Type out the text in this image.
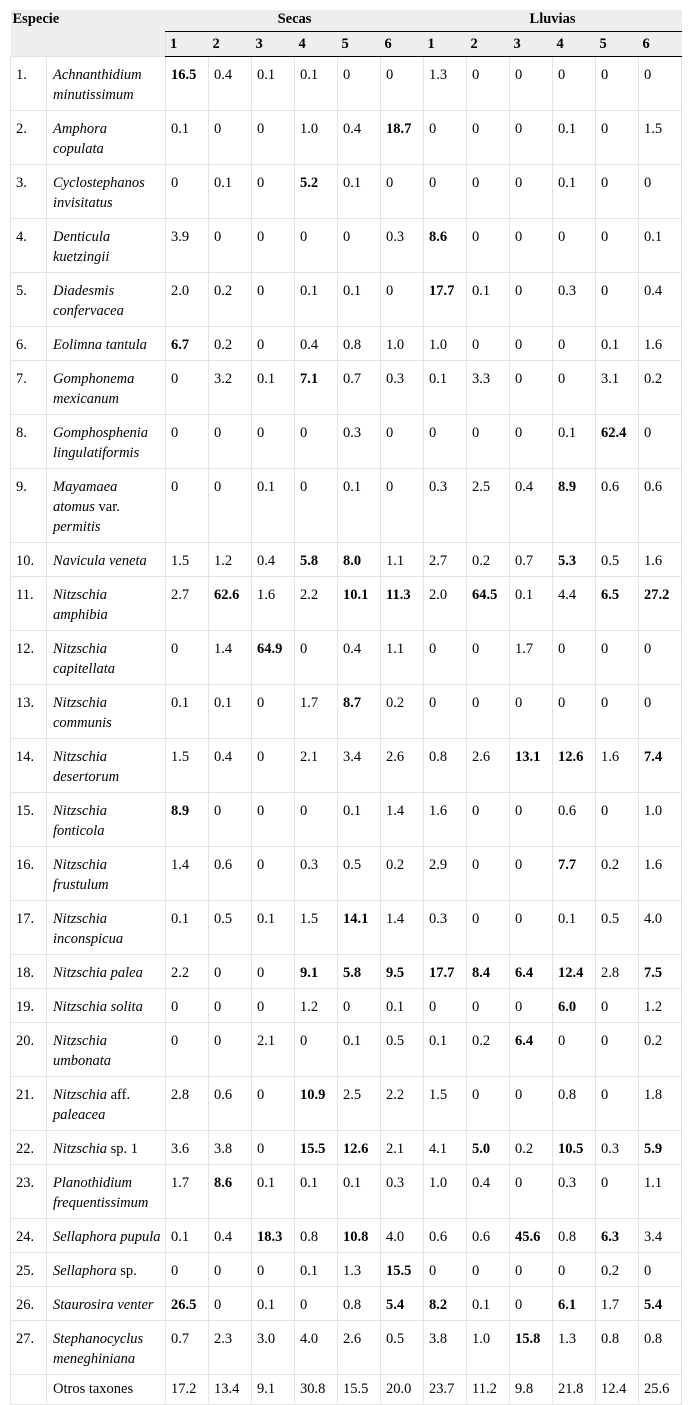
Especie		Secas						Lluvias					
		1	2	3	4	5	6	1	2	3	4	5	6
1.	Achnanthidium minutissimum	16.5	0.4	0.1	0.1	0	0	1.3	0	0	0	0	0
2.	Amphora copulata	0.1	0	0	1.0	0.4	18.7	0	0	0	0.1	0	1.5
3.	Cyclostephanos invisitatus	0	0.1	0	5.2	0.1	0	0	0	0	0.1	0	0
4.	Denticula kuetzingii	3.9	0	0	0	0	0.3	8.6	0	0	0	0	0.1
5.	Diadesmis confervacea	2.0	0.2	0	0.1	0.1	0	17.7	0.1	0	0.3	0	0.4
6.	Eolimna tantula	6.7	0.2	0	0.4	0.8	1.0	1.0	0	0	0	0.1	1.6
7.	Gomphonema mexicanum	0	3.2	0.1	7.1	0.7	0.3	0.1	3.3	0	0	3.1	0.2
8.	Gomphosphenia lingulatiformis	0	0	0	0	0.3	0	0	0	0	0.1	62.4	0
9.	Mayamaea atomus var. permitis	0	0	0.1	0	0.1	0	0.3	2.5	0.4	8.9	0.6	0.6
10.	Navicula veneta	1.5	1.2	0.4	5.8	8.0	1.1	2.7	0.2	0.7	5.3	0.5	1.6
11.	Nitzschia amphibia	2.7	62.6	1.6	2.2	10.1	11.3	2.0	64.5	0.1	4.4	6.5	27.2
12.	Nitzschia capitellata	0	1.4	64.9	0	0.4	1.1	0	0	1.7	0	0	0
13.	Nitzschia communis	0.1	0.1	0	1.7	8.7	0.2	0	0	0	0	0	0
14.	Nitzschia desertorum	1.5	0.4	0	2.1	3.4	2.6	0.8	2.6	13.1	12.6	1.6	7.4
15.	Nitzschia fonticola	8.9	0	0	0	0.1	1.4	1.6	0	0	0.6	0	1.0
16.	Nitzschia frustulum	1.4	0.6	0	0.3	0.5	0.2	2.9	0	0	7.7	0.2	1.6
17.	Nitzschia inconspicua	0.1	0.5	0.1	1.5	14.1	1.4	0.3	0	0	0.1	0.5	4.0
18.	Nitzschia palea	2.2	0	0	9.1	5.8	9.5	17.7	8.4	6.4	12.4	2.8	7.5
19.	Nitzschia solita	0	0	0	1.2	0	0.1	0	0	0	6.0	0	1.2
20.	Nitzschia umbonata	0	0	2.1	0	0.1	0.5	0.1	0.2	6.4	0	0	0.2
21.	Nitzschia aff. paleacea	2.8	0.6	0	10.9	2.5	2.2	1.5	0	0	0.8	0	1.8
22.	Nitzschia sp. 1	3.6	3.8	0	15.5	12.6	2.1	4.1	5.0	0.2	10.5	0.3	5.9
23.	Planothidium frequentissimum	1.7	8.6	0.1	0.1	0.1	0.3	1.0	0.4	0	0.3	0	1.1
24.	Sellaphora pupula	0.1	0.4	18.3	0.8	10.8	4.0	0.6	0.6	45.6	0.8	6.3	3.4
25.	Sellaphora sp.	0	0	0	0.1	1.3	15.5	0	0	0	0	0.2	0
26.	Staurosira venter	26.5	0	0.1	0	0.8	5.4	8.2	0.1	0	6.1	1.7	5.4
27.	Stephanocyclus meneghiniana	0.7	2.3	3.0	4.0	2.6	0.5	3.8	1.0	15.8	1.3	0.8	0.8
	Otros taxones	17.2	13.4	9.1	30.8	15.5	20.0	23.7	11.2	9.8	21.8	12.4	25.6
